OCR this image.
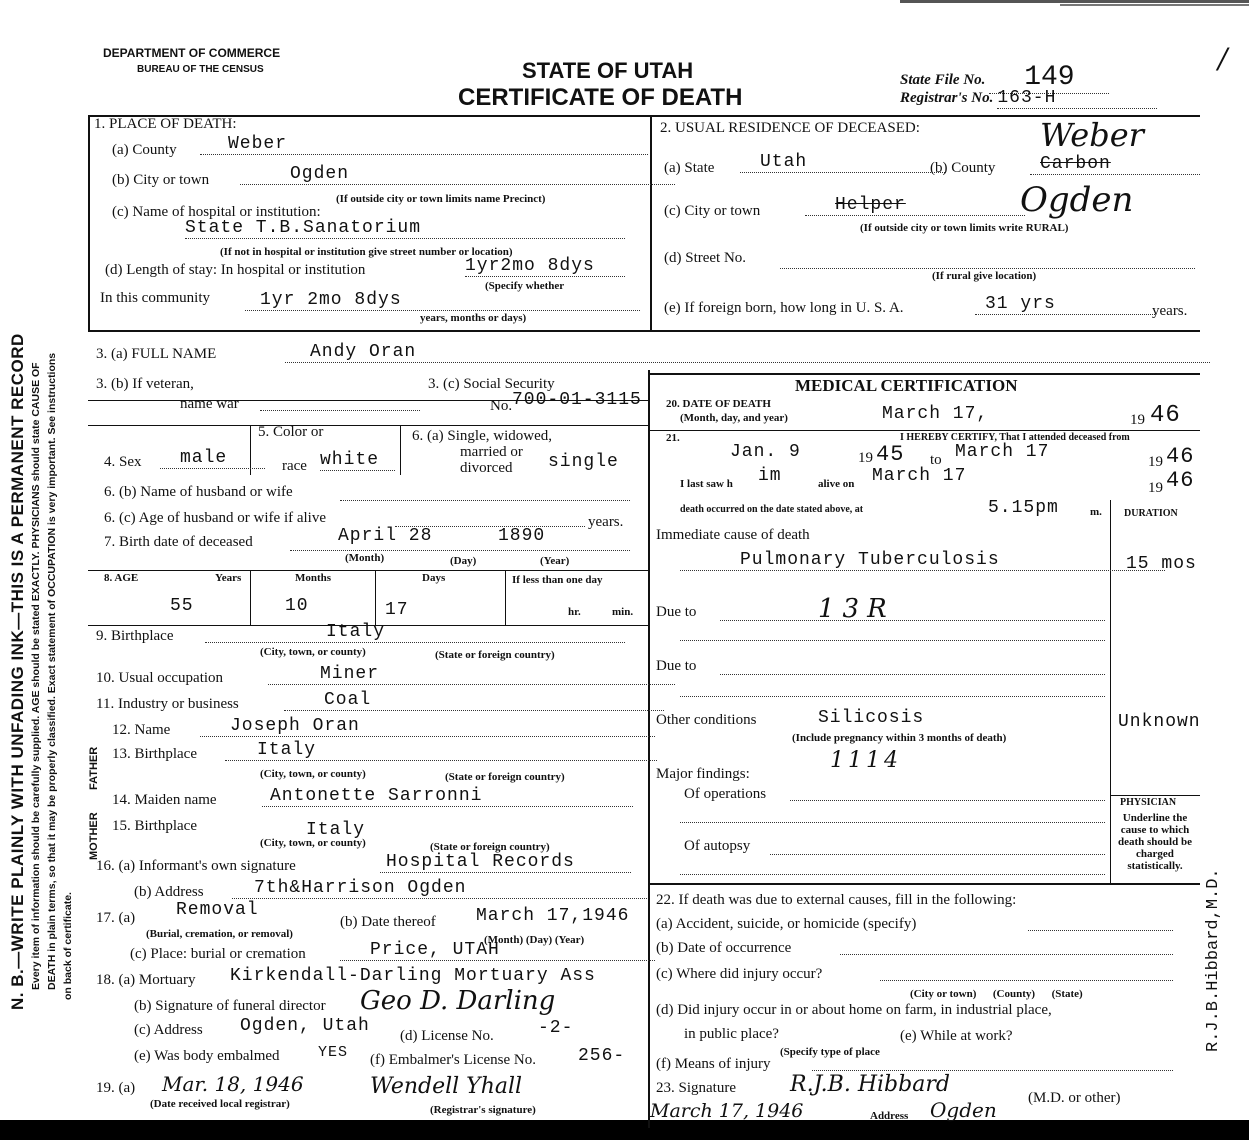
N. B.—WRITE PLAINLY WITH UNFADING INK—THIS IS A PERMANENT RECORD Every item of information should be carefully supplied. AGE should be stated EXACTLY. PHYSICIANS should state CAUSE OF DEATH in plain terms, so that it may be properly classified. Exact statement of OCCUPATION is very important. See instructions on back of certificate.
FATHER
MOTHER
DEPARTMENT OF COMMERCE
BUREAU OF THE CENSUS	STATE OF UTAH
CERTIFICATE OF DEATH
State File No. 149
Registrar's No. 163-H
/
1. PLACE OF DEATH:
(a) County	Weber
(b) City or town	Ogden
(If outside city or town limits name Precinct)
(c) Name of hospital or institution:
State T.B.Sanatorium
(If not in hospital or institution give street number or location)
(d) Length of stay: In hospital or institution	1yr2mo 8dys
(Specify whether
In this community	1yr 2mo 8dys
years, months or days)
2. USUAL RESIDENCE OF DECEASED:	Weber
(a) State	Utah	(b) County	Carbon
(c) City or town	Helper	Ogden
(If outside city or town limits write RURAL)
(d) Street No.
(If rural give location)
(e) If foreign born, how long in U. S. A.	31 yrs	years.
3. (a) FULL NAME	Andy Oran
3. (b) If veteran,
name war
3. (c) Social Security
No. 700-01-3115
4. Sex	male
5. Color or
race white
6. (a) Single, widowed,
married or
divorced single
6. (b) Name of husband or wife
6. (c) Age of husband or wife if alive	years.
7. Birth date of deceased	April 28	1890
(Month)	(Day)	(Year)
8. AGE	Years	Months	Days	If less than one day
55	10	17	hr.	min.
9. Birthplace	Italy
(City, town, or county)	(State or foreign country)
10. Usual occupation	Miner
11. Industry or business	Coal
12. Name	Joseph Oran
13. Birthplace	Italy
(City, town, or county)	(State or foreign country)
14. Maiden name	Antonette Sarronni
15. Birthplace	Italy
(City, town, or county)	(State or foreign country)
16. (a) Informant's own signature	Hospital Records
(b) Address	7th&Harrison Ogden
17. (a) Removal
(Burial, cremation, or removal)
(b) Date thereof March 17,1946
(Month) (Day) (Year)
(c) Place: burial or cremation	Price, UTAH
18. (a) Mortuary Kirkendall-Darling Mortuary Ass
(b) Signature of funeral director Geo D. Darling
(c) Address Ogden, Utah (d) License No. -2-
(e) Was body embalmed	YES (f) Embalmer's License No. 256-
19. (a) Mar. 18, 1946
(Date received local registrar)
Wendell Yhall
(Registrar's signature)
MEDICAL CERTIFICATION
20. DATE OF DEATH
(Month, day, and year)	March 17,	19 46
21.	I HEREBY CERTIFY, That I attended deceased from
Jan. 9	19 45 to March 17	19 46
I last saw h im	alive on March 17
19 46
death occurred on the date stated above, at	5.15pm	m. DURATION
Immediate cause of death
Pulmonary Tuberculosis	15 mos
Due to	13R
Due to
Other conditions	Silicosis	Unknown
(Include pregnancy within 3 months of death)
1114
Major findings:
Of operations
Of autopsy
PHYSICIAN
Underline the cause to which death should be charged statistically.
22. If death was due to external causes, fill in the following:
(a) Accident, suicide, or homicide (specify)
(b) Date of occurrence
(c) Where did injury occur?
(City or town)      (County)      (State)
(d) Did injury occur in or about home on farm, in industrial place,
in public place?	(e) While at work?
(Specify type of place
(f) Means of injury
23. Signature R.J.B. Hibbard
(M.D. or other)
March 17, 1946	Address Ogden
R.J.B.Hibbard,M.D.
